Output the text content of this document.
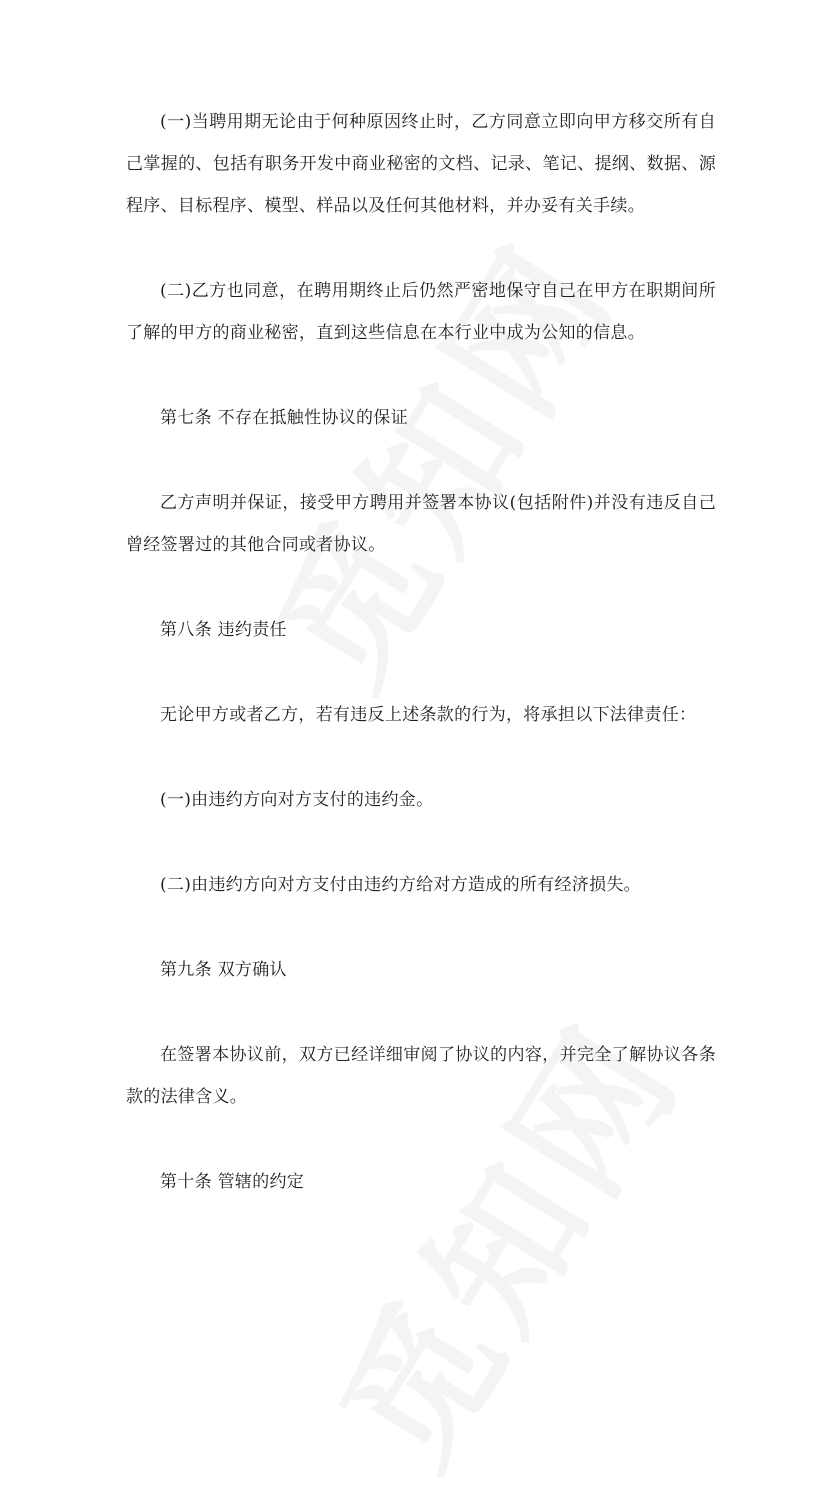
(一)当聘用期无论由于何种原因终止时，乙方同意立即向甲方移交所有自己掌握的、包括有职务开发中商业秘密的文档、记录、笔记、提纲、数据、源程序、目标程序、模型、样品以及任何其他材料，并办妥有关手续。

(二)乙方也同意，在聘用期终止后仍然严密地保守自己在甲方在职期间所了解的甲方的商业秘密，直到这些信息在本行业中成为公知的信息。

第七条 不存在抵触性协议的保证

乙方声明并保证，接受甲方聘用并签署本协议(包括附件)并没有违反自己曾经签署过的其他合同或者协议。

第八条 违约责任

无论甲方或者乙方，若有违反上述条款的行为，将承担以下法律责任：

(一)由违约方向对方支付的违约金。

(二)由违约方向对方支付由违约方给对方造成的所有经济损失。

第九条 双方确认

在签署本协议前，双方已经详细审阅了协议的内容，并完全了解协议各条款的法律含义。

第十条 管辖的约定
